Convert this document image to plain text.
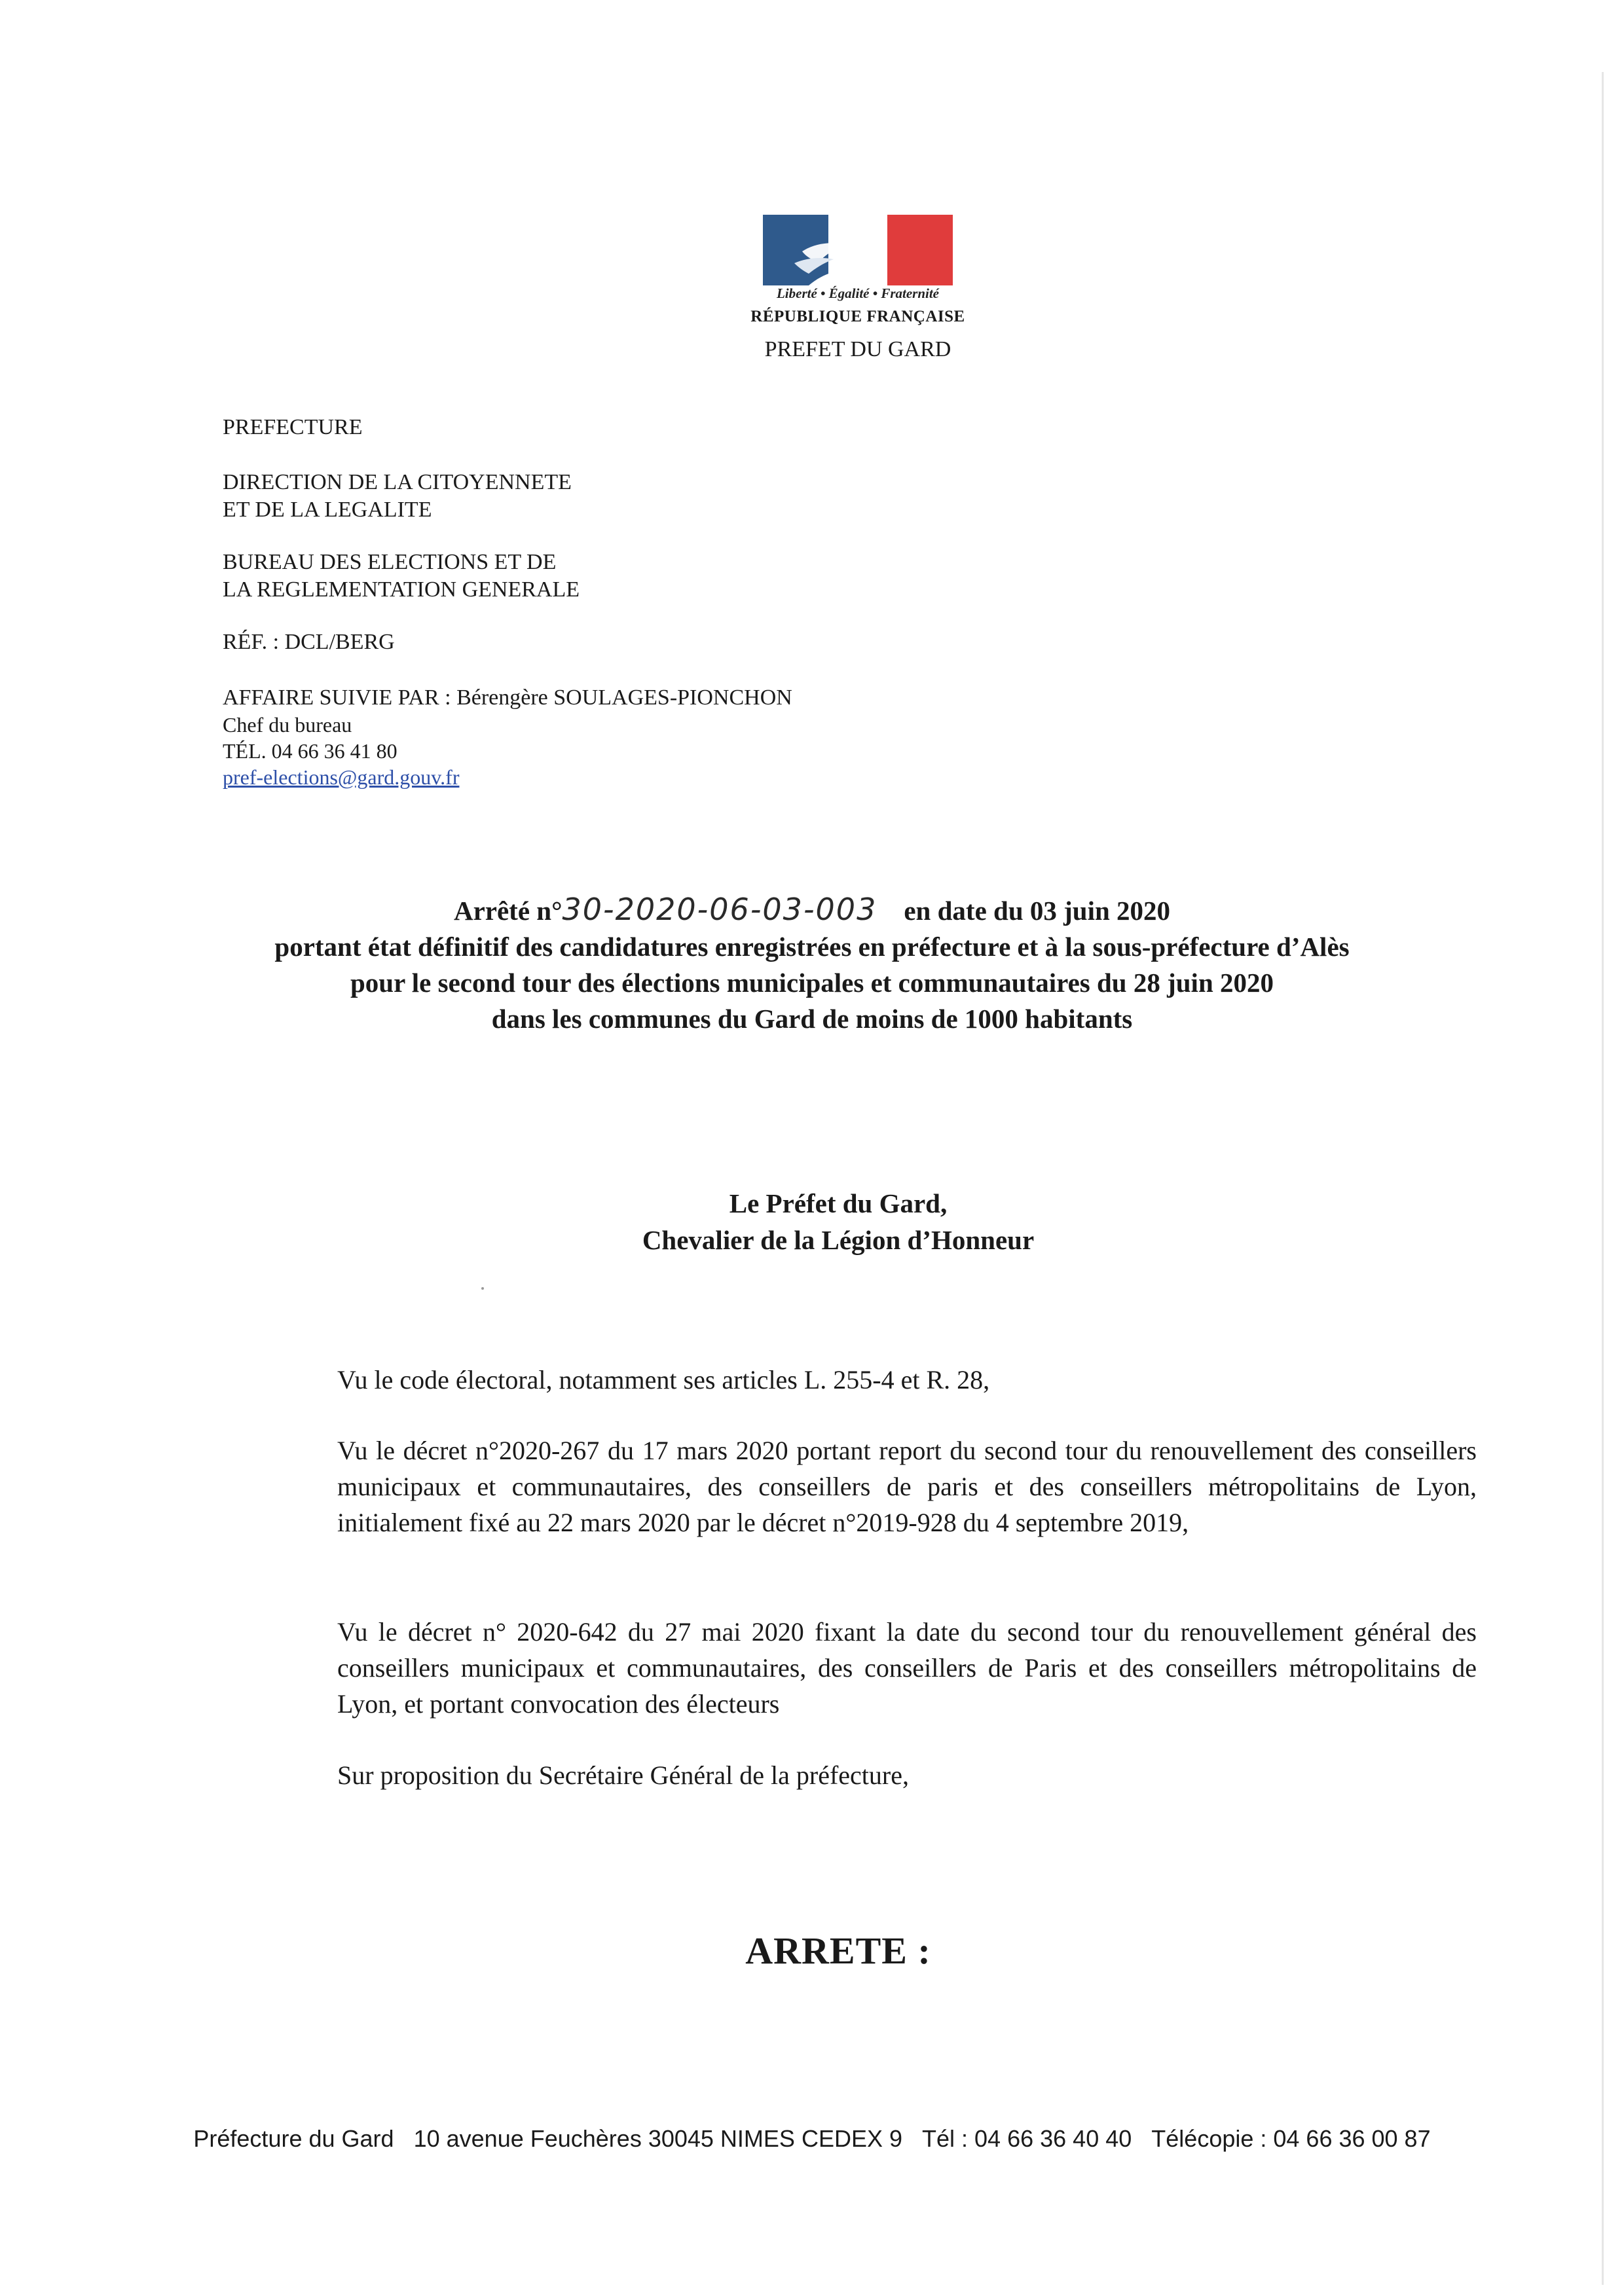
Liberté • Égalité • Fraternité
RÉPUBLIQUE FRANÇAISE
PREFET DU GARD
PREFECTURE
DIRECTION DE LA CITOYENNETE
ET DE LA LEGALITE
BUREAU DES ELECTIONS ET DE
LA REGLEMENTATION GENERALE
RÉF. : DCL/BERG
AFFAIRE SUIVIE PAR : Bérengère SOULAGES-PIONCHON
Chef du bureau
TÉL. 04 66 36 41 80
pref-elections@gard.gouv.fr
Arrêté n°30-2020-06-03-003 en date du 03 juin 2020
portant état définitif des candidatures enregistrées en préfecture et à la sous-préfecture d’Alès
pour le second tour des élections municipales et communautaires du 28 juin 2020
dans les communes du Gard de moins de 1000 habitants
Le Préfet du Gard,
Chevalier de la Légion d’Honneur
Vu le code électoral, notamment ses articles L. 255-4 et R. 28,
Vu le décret n°2020-267 du 17 mars 2020 portant report du second tour du renouvellement des conseillers municipaux et communautaires, des conseillers de paris et des conseillers métropolitains de Lyon, initialement fixé au 22 mars 2020 par le décret n°2019-928 du 4 septembre 2019,
Vu le décret n° 2020-642 du 27 mai 2020 fixant la date du second tour du renouvellement général des conseillers municipaux et communautaires, des conseillers de Paris et des conseillers métropolitains de Lyon, et portant convocation des électeurs
Sur proposition du Secrétaire Général de la préfecture,
ARRETE :
Préfecture du Gard 10 avenue Feuchères 30045 NIMES CEDEX 9 Tél : 04 66 36 40 40 Télécopie : 04 66 36 00 87
